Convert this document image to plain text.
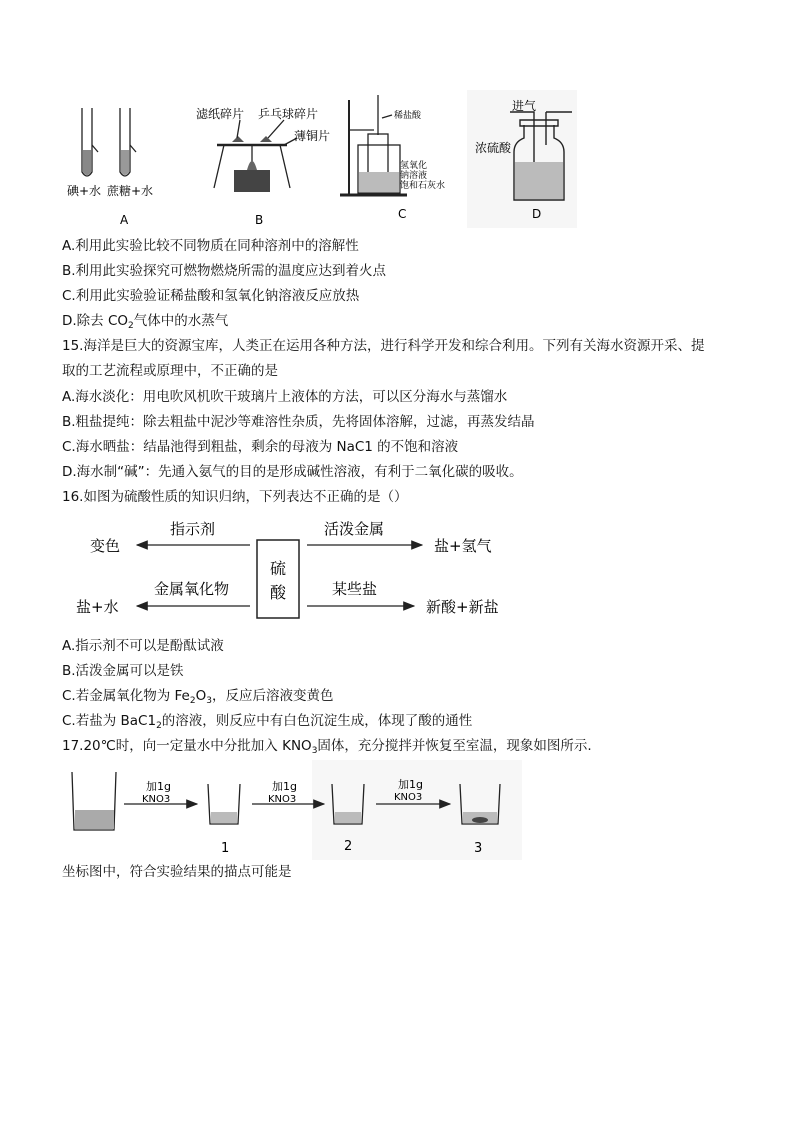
碘+水 蔗糖+水
A
滤纸碎片 乒乓球碎片
薄铜片
B
稀盐酸
氢氧化
钠溶液
饱和石灰水
C
进气
浓硫酸
D
A.利用此实验比较不同物质在同种溶剂中的溶解性
B.利用此实验探究可燃物燃烧所需的温度应达到着火点
C.利用此实验验证稀盐酸和氢氧化钠溶液反应放热
D.除去 $CO_2$气体中的水蒸气
15.海洋是巨大的资源宝库，人类正在运用各种方法，进行科学开发和综合利用。下列有关海水资源开采、提
取的工艺流程或原理中，不正确的是
A.海水淡化：用电吹风机吹干玻璃片上液体的方法，可以区分海水与蒸馏水
B.粗盐提纯：除去粗盐中泥沙等难溶性杂质，先将固体溶解，过滤，再蒸发结晶
C.海水晒盐：结晶池得到粗盐，剩余的母液为 NaC1 的不饱和溶液
D.海水制“碱”：先通入氨气的目的是形成碱性溶液，有利于二氧化碳的吸收。
16.如图为硫酸性质的知识归纳，下列表达不正确的是（）
硫
酸
指示剂
变色
活泼金属
盐+氢气
金属氧化物
盐+水
某些盐
新酸+新盐
A.指示剂不可以是酚酞试液
B.活泼金属可以是铁
C.若金属氧化物为 $Fe_2O_3$，反应后溶液变黄色
C.若盐为 $BaC1_2$的溶液，则反应中有白色沉淀生成，体现了酸的通性
17.20℃时，向一定量水中分批加入 $KNO_3$固体，充分搅拌并恢复至室温，现象如图所示.
加1g
KNO3
加1g
KNO3
加1g
KNO3
1	2	3
坐标图中，符合实验结果的描点可能是
